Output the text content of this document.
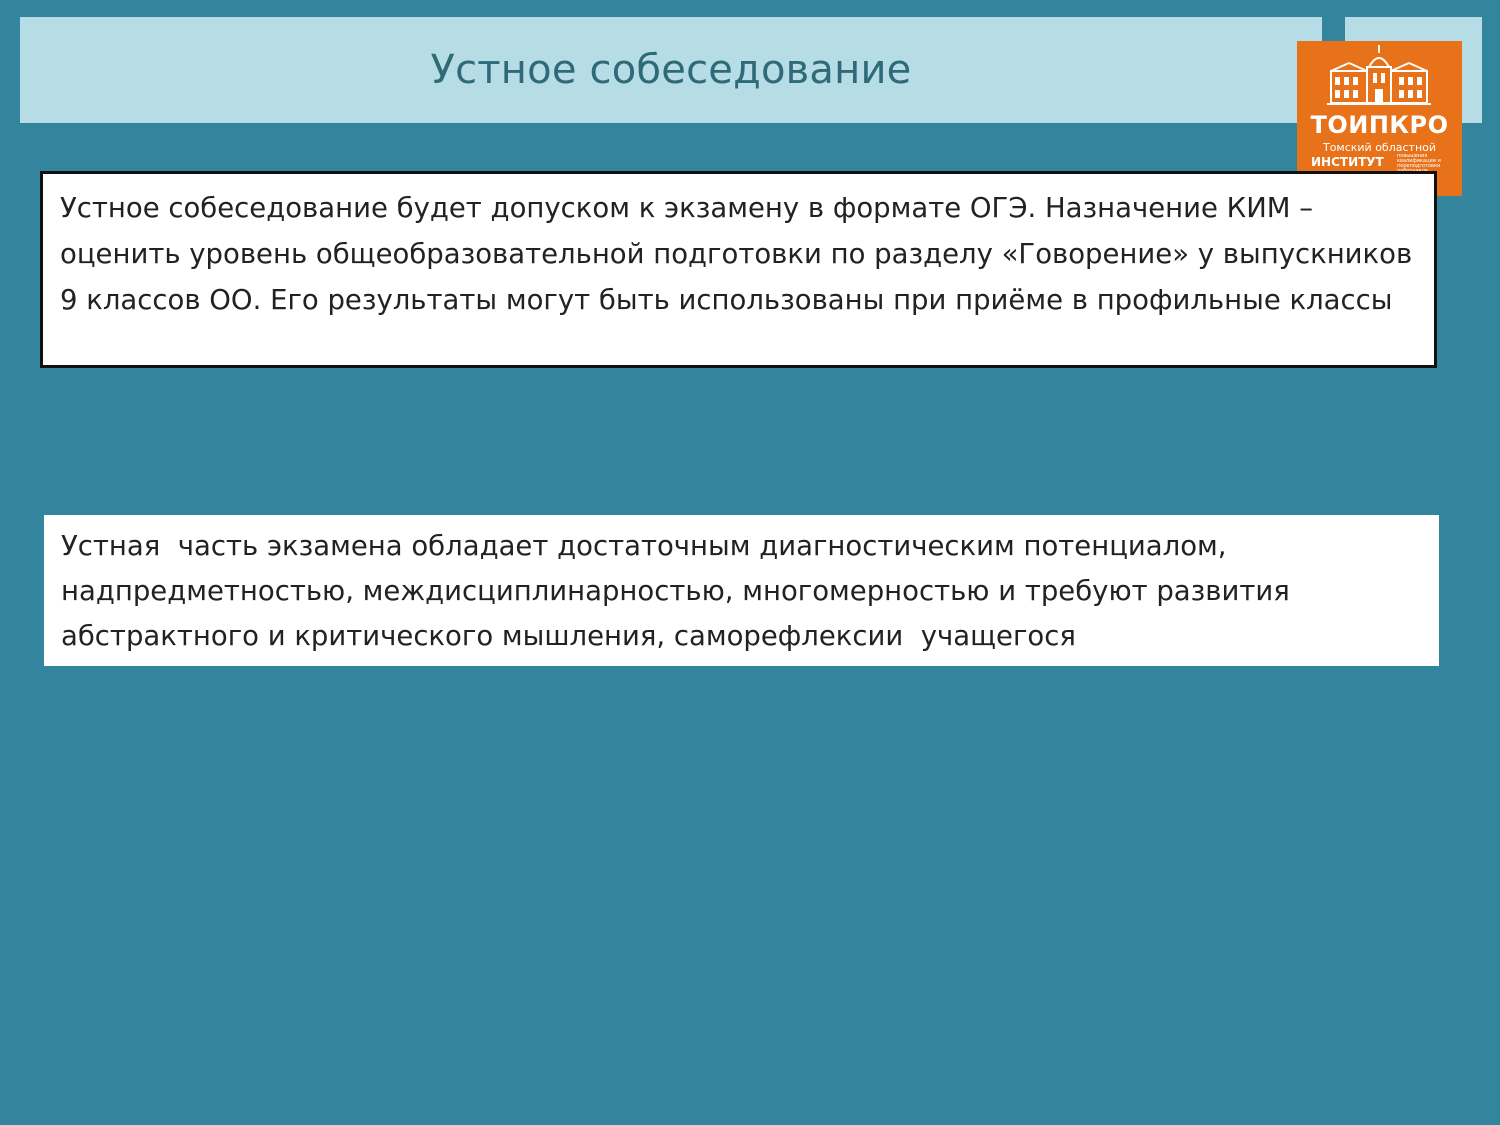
Устное собеседование
ТОИПКРО
Томский областной
ИНСТИТУТ	повышения квалификации и переподготовки
Устное собеседование будет допуском к экзамену в формате ОГЭ. Назначение КИМ – оценить уровень общеобразовательной подготовки по разделу «Говорение» у выпускников 9 классов ОО. Его результаты могут быть использованы при приёме в профильные классы
Устная  часть экзамена обладает достаточным диагностическим потенциалом, надпредметностью, междисциплинарностью, многомерностью и требуют развития абстрактного и критического мышления, саморефлексии  учащегося
